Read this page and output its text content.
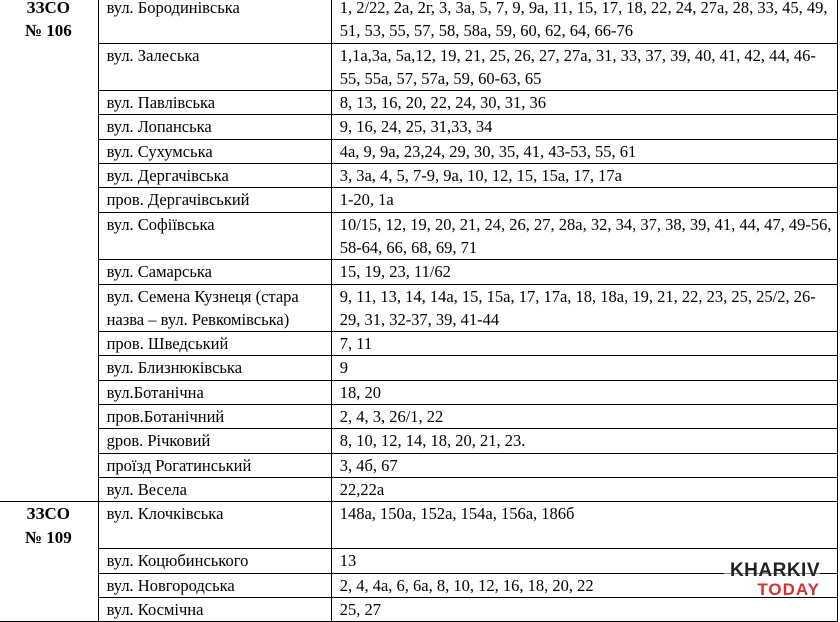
ЗЗСО
№ 106	вул. Бородинівська	1, 2/22, 2а, 2г, 3, 3а, 5, 7, 9, 9а, 11, 15, 17, 18, 22, 24, 27а, 28, 33, 45, 49, 51, 53, 55, 57, 58, 58а, 59, 60, 62, 64, 66-76
	вул. Залеська	1,1а,3а, 5а,12, 19, 21, 25, 26, 27, 27а, 31, 33, 37, 39, 40, 41, 42, 44, 46-55, 55а, 57, 57а, 59, 60-63, 65
	вул. Павлівська	8, 13, 16, 20, 22, 24, 30, 31, 36
	вул. Лопанська	9, 16, 24, 25, 31,33, 34
	вул. Сухумська	4а, 9, 9а, 23,24, 29, 30, 35, 41, 43-53, 55, 61
	вул. Дергачівська	3, 3а, 4, 5, 7-9, 9а, 10, 12, 15, 15а, 17, 17а
	пров. Дергачівський	1-20, 1а
	вул. Софіївська	10/15, 12, 19, 20, 21, 24, 26, 27, 28а, 32, 34, 37, 38, 39, 41, 44, 47, 49-56, 58-64, 66, 68, 69, 71
	вул. Самарська	15, 19, 23, 11/62
	вул. Семена Кузнеця (стара назва – вул. Ревкомівська)	9, 11, 13, 14, 14а, 15, 15а, 17, 17а, 18, 18а, 19, 21, 22, 23, 25, 25/2, 26-29, 31, 32-37, 39, 41-44
	пров. Шведський	7, 11
	вул. Близнюківська	9
	вул.Ботанічна	18, 20
	пров.Ботанічний	2, 4, 3, 26/1, 22
	gров. Річковий	8, 10, 12, 14, 18, 20, 21, 23.
	проїзд Рогатинський	3, 4б, 67
	вул. Весела	22,22а

ЗЗСО
№ 109	вул. Клочківська	148а, 150а, 152а, 154а, 156а, 186б
	вул. Коцюбинського	13
	вул. Новгородська	2, 4, 4а, 6, 6а, 8, 10, 12, 16, 18, 20, 22
	вул. Космічна	25, 27
KHARKIV
TODAY
